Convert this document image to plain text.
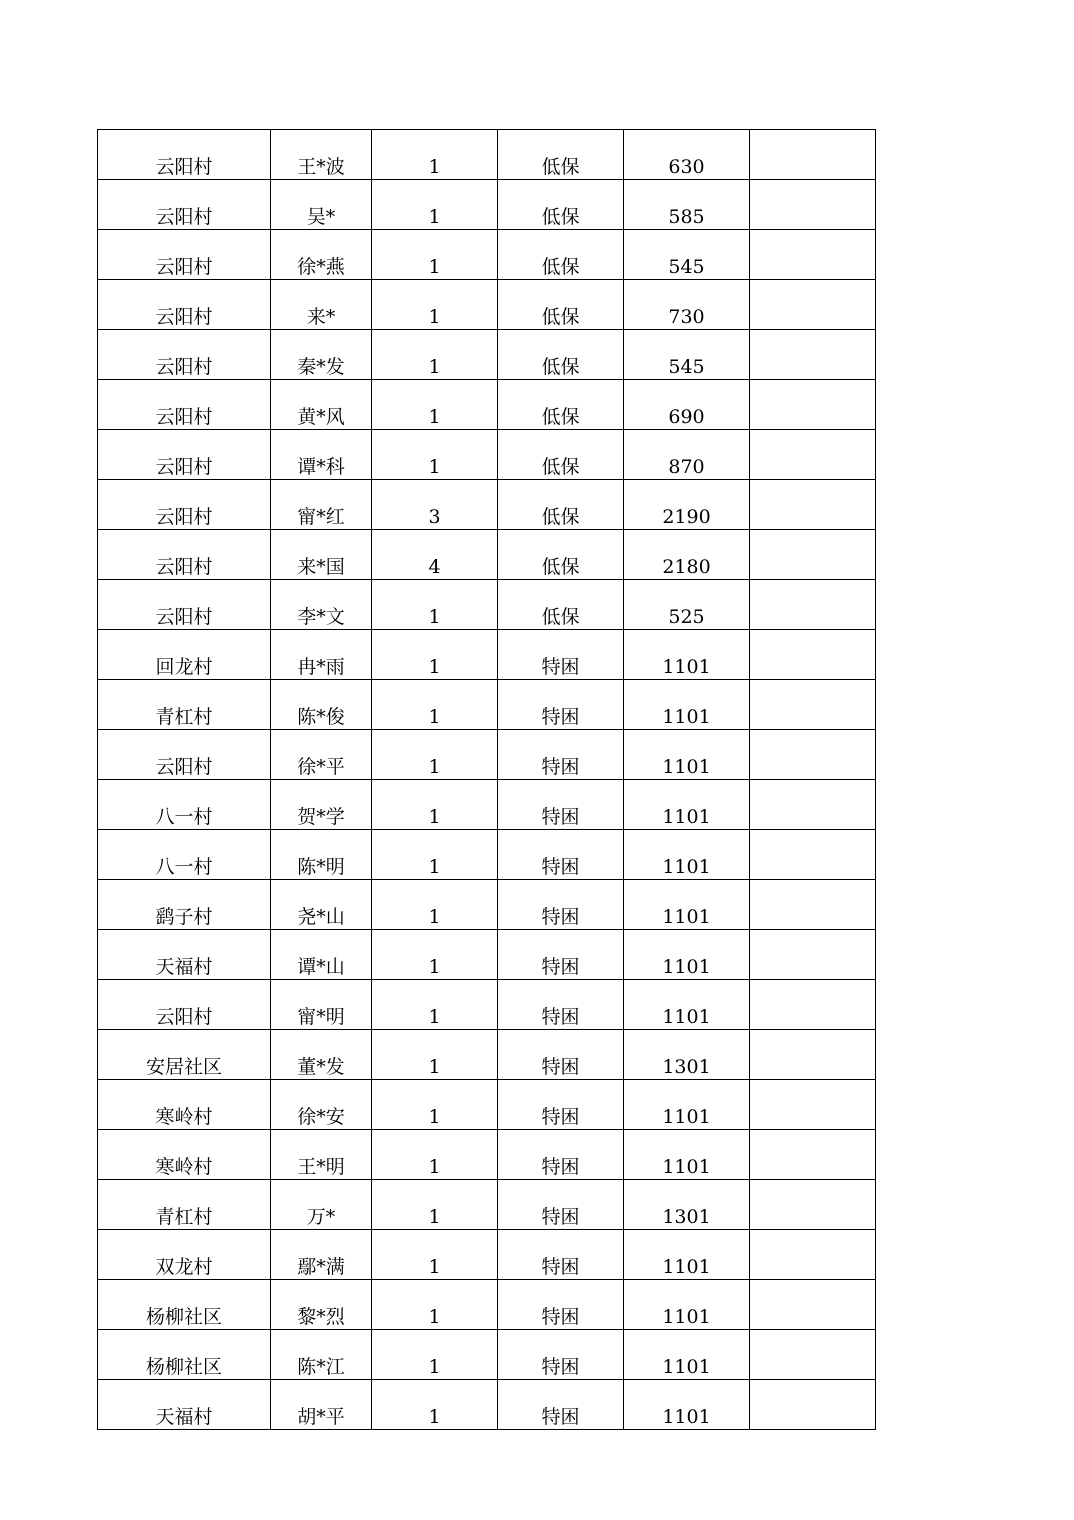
云阳村	王*波	1	低保	630	
云阳村	吴*	1	低保	585	
云阳村	徐*燕	1	低保	545	
云阳村	来*	1	低保	730	
云阳村	秦*发	1	低保	545	
云阳村	黄*风	1	低保	690	
云阳村	谭*科	1	低保	870	
云阳村	甯*红	3	低保	2190	
云阳村	来*国	4	低保	2180	
云阳村	李*文	1	低保	525	
回龙村	冉*雨	1	特困	1101	
青杠村	陈*俊	1	特困	1101	
云阳村	徐*平	1	特困	1101	
八一村	贺*学	1	特困	1101	
八一村	陈*明	1	特困	1101	
鹞子村	尧*山	1	特困	1101	
天福村	谭*山	1	特困	1101	
云阳村	甯*明	1	特困	1101	
安居社区	董*发	1	特困	1301	
寒岭村	徐*安	1	特困	1101	
寒岭村	王*明	1	特困	1101	
青杠村	万*	1	特困	1301	
双龙村	鄢*满	1	特困	1101	
杨柳社区	黎*烈	1	特困	1101	
杨柳社区	陈*江	1	特困	1101	
天福村	胡*平	1	特困	1101	
